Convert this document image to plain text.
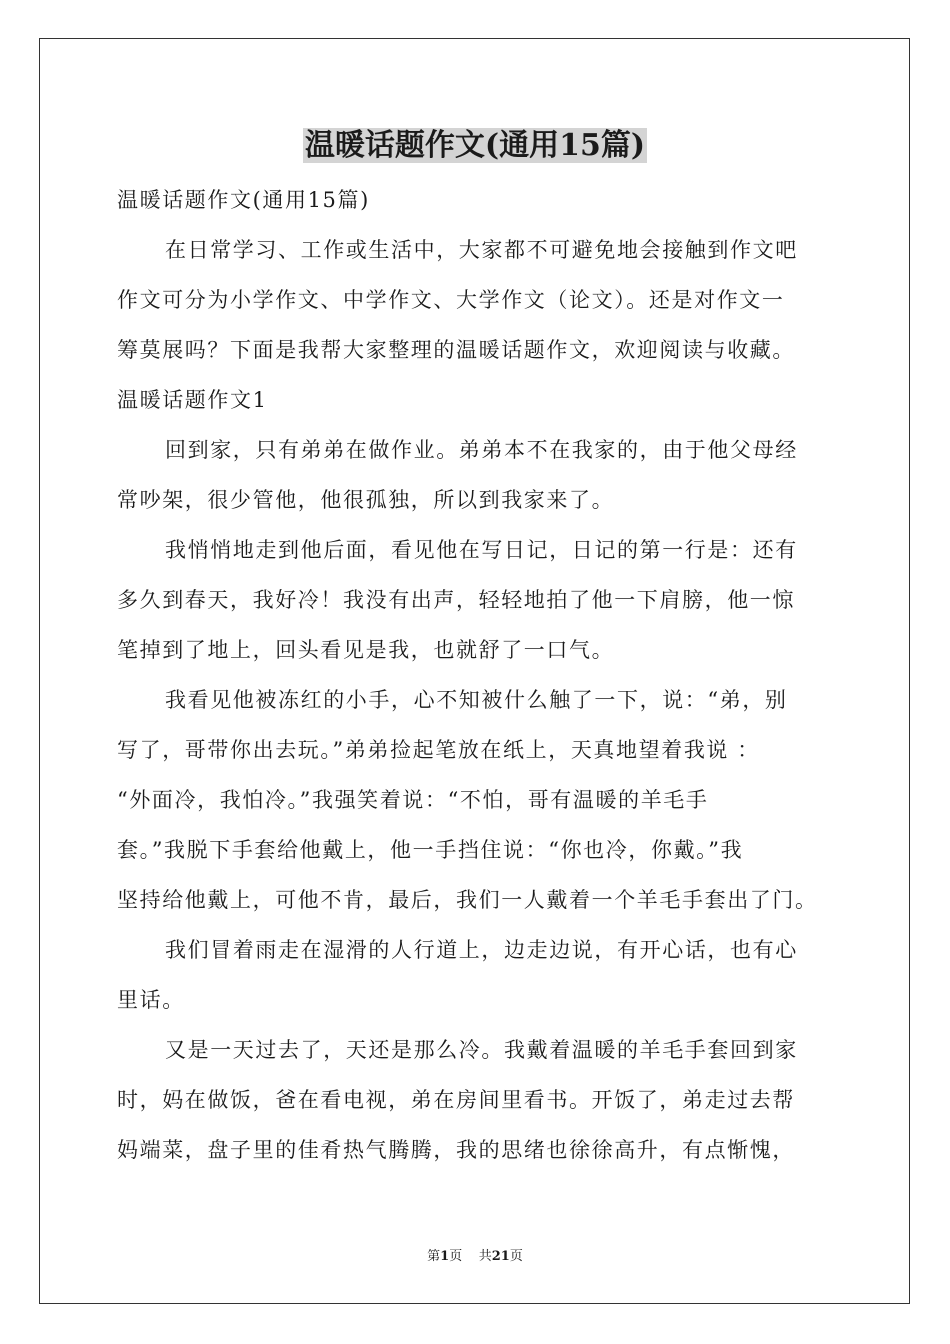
温暖话题作文(通用15篇)
温暖话题作文(通用15篇)
在日常学习、工作或生活中，大家都不可避免地会接触到作文吧
作文可分为小学作文、中学作文、大学作文（论文）。还是对作文一
筹莫展吗？下面是我帮大家整理的温暖话题作文，欢迎阅读与收藏。
温暖话题作文1
回到家，只有弟弟在做作业。弟弟本不在我家的，由于他父母经
常吵架，很少管他，他很孤独，所以到我家来了。
我悄悄地走到他后面，看见他在写日记，日记的第一行是：还有
多久到春天，我好冷！我没有出声，轻轻地拍了他一下肩膀，他一惊
笔掉到了地上，回头看见是我，也就舒了一口气。
我看见他被冻红的小手，心不知被什么触了一下，说：“弟，别
写了，哥带你出去玩。”弟弟捡起笔放在纸上，天真地望着我说 ：
“外面冷，我怕冷。”我强笑着说：“不怕，哥有温暖的羊毛手
套。”我脱下手套给他戴上，他一手挡住说：“你也冷，你戴。”我
坚持给他戴上，可他不肯，最后，我们一人戴着一个羊毛手套出了门。
我们冒着雨走在湿滑的人行道上，边走边说，有开心话，也有心
里话。
又是一天过去了，天还是那么冷。我戴着温暖的羊毛手套回到家
时，妈在做饭，爸在看电视，弟在房间里看书。开饭了，弟走过去帮
妈端菜，盘子里的佳肴热气腾腾，我的思绪也徐徐高升，有点惭愧，
第1页 共21页
